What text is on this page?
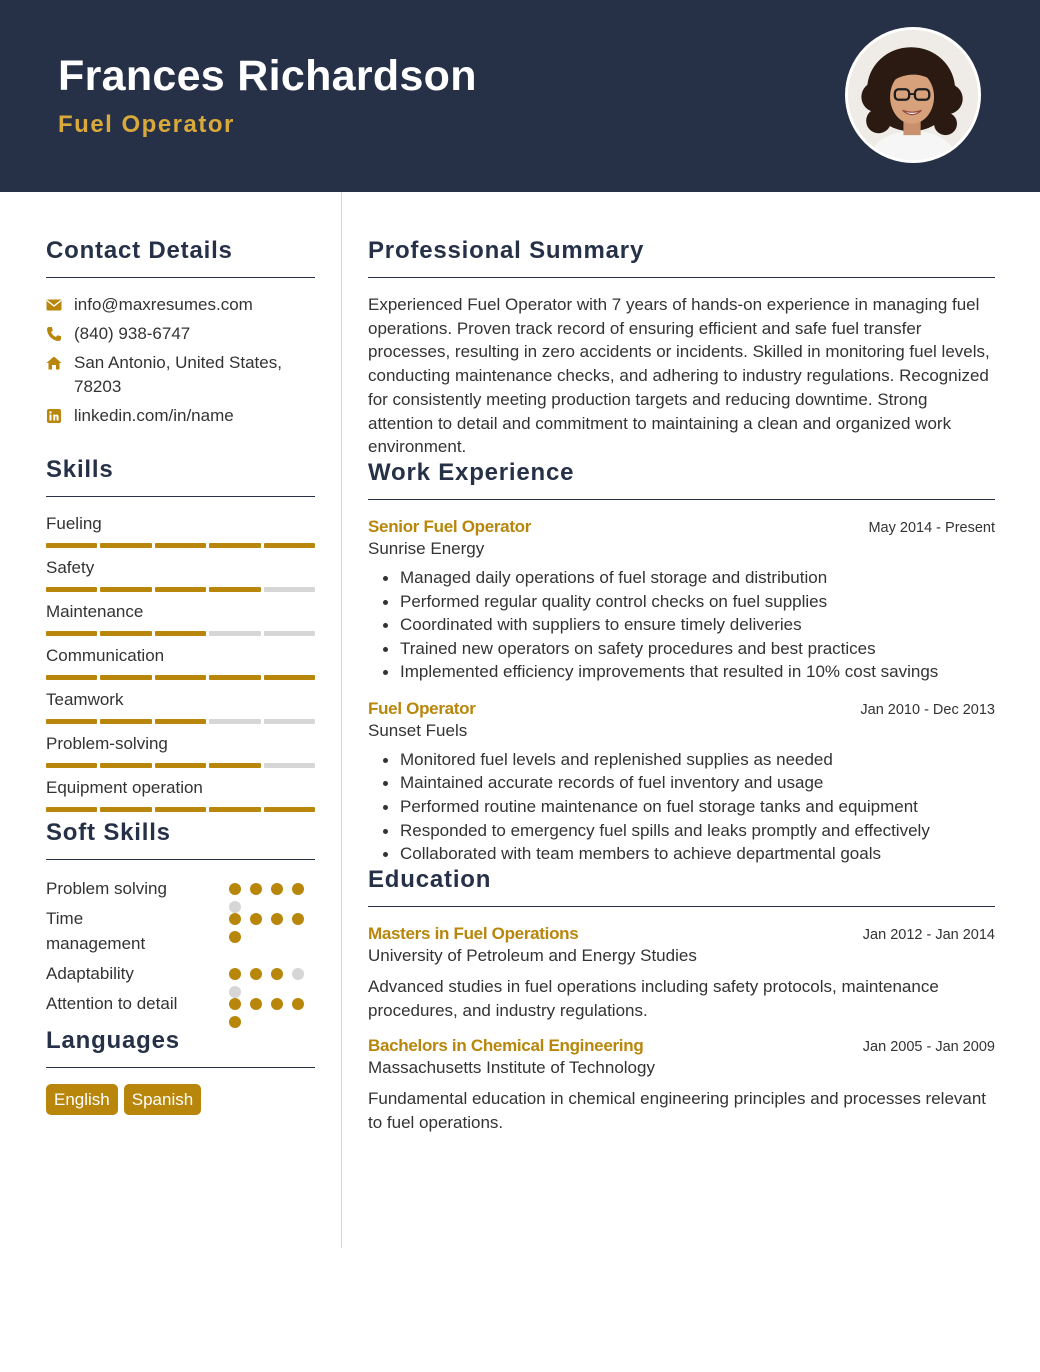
Frances Richardson
Fuel Operator
Contact Details
info@maxresumes.com
(840) 938-6747
San Antonio, United States, 78203
linkedin.com/in/name
Skills
Fueling
Safety
Maintenance
Communication
Teamwork
Problem-solving
Equipment operation
Soft Skills
Problem solving
Time management
Adaptability
Attention to detail
Languages
English	Spanish
Professional Summary

Experienced Fuel Operator with 7 years of hands-on experience in managing fuel operations. Proven track record of ensuring efficient and safe fuel transfer processes, resulting in zero accidents or incidents. Skilled in monitoring fuel levels, conducting maintenance checks, and adhering to industry regulations. Recognized for consistently meeting production targets and reducing downtime. Strong attention to detail and commitment to maintaining a clean and organized work environment.

Work Experience
Senior Fuel Operator	May 2014 - Present
Sunrise Energy
Managed daily operations of fuel storage and distribution
Performed regular quality control checks on fuel supplies
Coordinated with suppliers to ensure timely deliveries
Trained new operators on safety procedures and best practices
Implemented efficiency improvements that resulted in 10% cost savings
Fuel Operator	Jan 2010 - Dec 2013
Sunset Fuels
Monitored fuel levels and replenished supplies as needed
Maintained accurate records of fuel inventory and usage
Performed routine maintenance on fuel storage tanks and equipment
Responded to emergency fuel spills and leaks promptly and effectively
Collaborated with team members to achieve departmental goals
Education
Masters in Fuel Operations	Jan 2012 - Jan 2014
University of Petroleum and Energy Studies

Advanced studies in fuel operations including safety protocols, maintenance procedures, and industry regulations.

Bachelors in Chemical Engineering	Jan 2005 - Jan 2009
Massachusetts Institute of Technology

Fundamental education in chemical engineering principles and processes relevant to fuel operations.
